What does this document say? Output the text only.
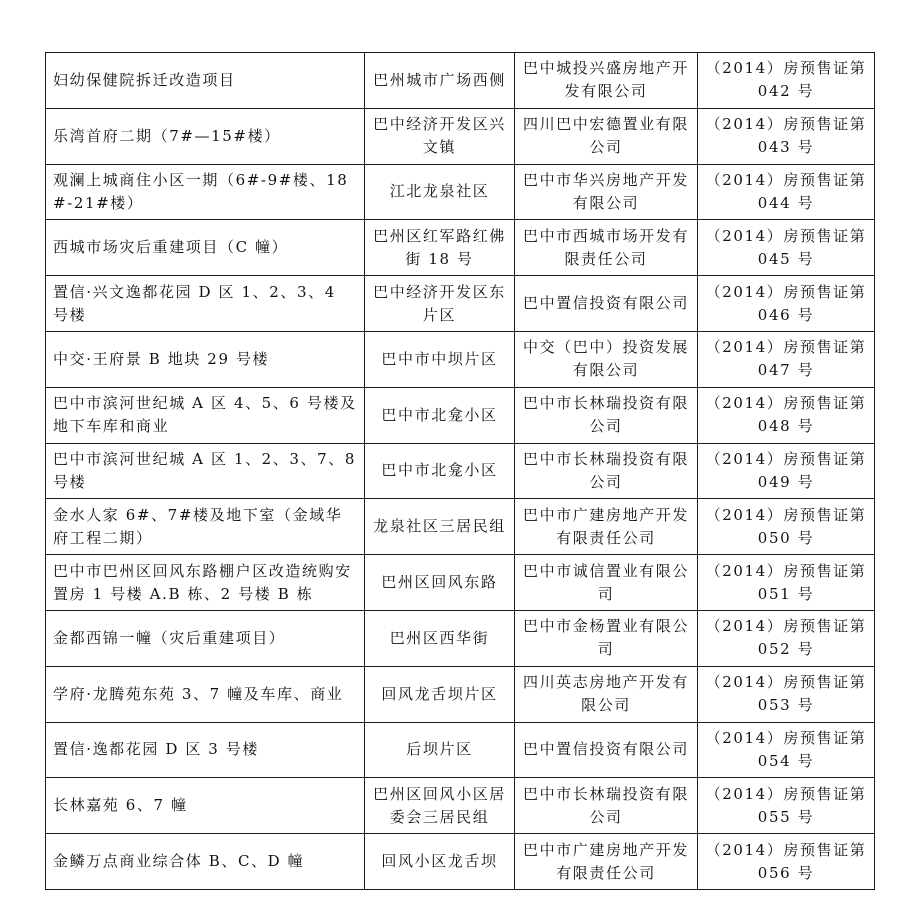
妇幼保健院拆迁改造项目	巴州城市广场西侧	巴中城投兴盛房地产开发有限公司	（2014）房预售证第 042 号
乐湾首府二期（7#—15#楼）	巴中经济开发区兴文镇	四川巴中宏德置业有限公司	（2014）房预售证第 043 号
观澜上城商住小区一期（6#-9#楼、18#-21#楼）	江北龙泉社区	巴中市华兴房地产开发有限公司	（2014）房预售证第 044 号
西城市场灾后重建项目（C 幢）	巴州区红军路红佛街 18 号	巴中市西城市场开发有限责任公司	（2014）房预售证第 045 号
置信·兴文逸都花园 D 区 1、2、3、4 号楼	巴中经济开发区东片区	巴中置信投资有限公司	（2014）房预售证第 046 号
中交·王府景 B 地块 29 号楼	巴中市中坝片区	中交（巴中）投资发展有限公司	（2014）房预售证第 047 号
巴中市滨河世纪城 A 区 4、5、6 号楼及地下车库和商业	巴中市北龛小区	巴中市长林瑞投资有限公司	（2014）房预售证第 048 号
巴中市滨河世纪城 A 区 1、2、3、7、8 号楼	巴中市北龛小区	巴中市长林瑞投资有限公司	（2014）房预售证第 049 号
金水人家 6#、7#楼及地下室（金域华府工程二期）	龙泉社区三居民组	巴中市广建房地产开发有限责任公司	（2014）房预售证第 050 号
巴中市巴州区回风东路棚户区改造统购安置房 1 号楼 A.B 栋、2 号楼 B 栋	巴州区回风东路	巴中市诚信置业有限公司	（2014）房预售证第 051 号
金都西锦一幢（灾后重建项目）	巴州区西华街	巴中市金杨置业有限公司	（2014）房预售证第 052 号
学府·龙腾苑东苑 3、7 幢及车库、商业	回风龙舌坝片区	四川英志房地产开发有限公司	（2014）房预售证第 053 号
置信·逸都花园 D 区 3 号楼	后坝片区	巴中置信投资有限公司	（2014）房预售证第 054 号
长林嘉苑 6、7 幢	巴州区回风小区居委会三居民组	巴中市长林瑞投资有限公司	（2014）房预售证第 055 号
金鳞万点商业综合体 B、C、D 幢	回风小区龙舌坝	巴中市广建房地产开发有限责任公司	（2014）房预售证第 056 号
